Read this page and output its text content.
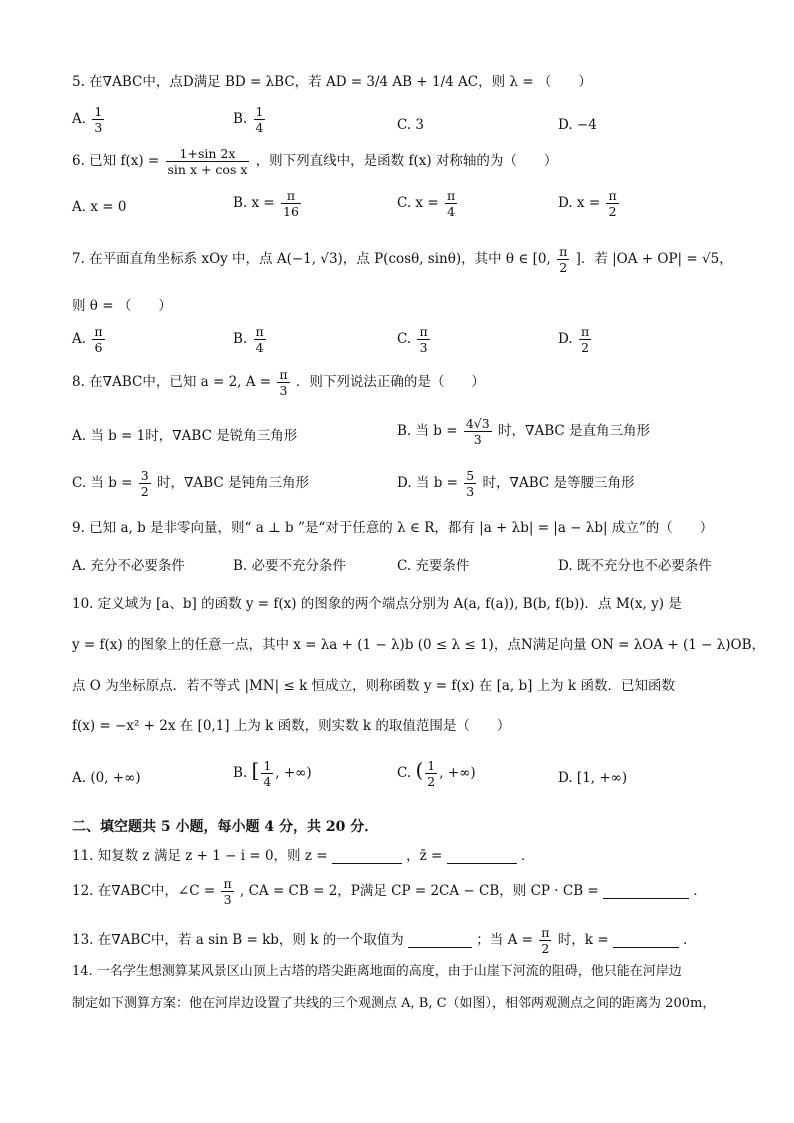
5. 在∇ABC中，点D满足 BD = λBC，若 AD = 3/4 AB + 1/4 AC，则 λ = （　　）
A. $\frac{1}{3}$	B. $\frac{1}{4}$	C. 3	D. −4
6. 已知 $f(x) = \frac{1+\sin 2x}{\text{sin x + cos x}}$ ，则下列直线中，是函数 f(x) 对称轴的为（　　）
A. x = 0	B. $x = \frac{\pi}{16}$	C. $x = \frac{\pi}{4}$	D. $x = \frac{\pi}{2}$
7. 在平面直角坐标系 xOy 中，点 A(−1, √3)，点 P(cosθ, sinθ)，其中 θ ∈ [0, $\frac{\pi}{2}$ ]．若 |OA + OP| = √5，
则 θ = （　　）
A. $\frac{\pi}{6}$	B. $\frac{\pi}{4}$	C. $\frac{\pi}{3}$	D. $\frac{\pi}{2}$
8. 在∇ABC中，已知 a = 2, $A = \frac{\pi}{3}$ ．则下列说法正确的是（　　）
A. 当 b = 1时，∇ABC 是锐角三角形	B. 当 $b = \frac{4√3}{3}$ 时，∇ABC 是直角三角形
C. 当 $b = \frac{3}{2}$ 时，∇ABC 是钝角三角形	D. 当 $b = \frac{5}{3}$ 时，∇ABC 是等腰三角形
9. 已知 a, b 是非零向量，则“ a ⊥ b ”是“对于任意的 λ ∈ R，都有 |a + λb| = |a − λb| 成立”的（　　）
A. 充分不必要条件	B. 必要不充分条件	C. 充要条件	D. 既不充分也不必要条件
10. 定义域为 [a、b] 的函数 y = f(x) 的图象的两个端点分别为 A(a, f(a)), B(b, f(b))．点 M(x, y) 是
y = f(x) 的图象上的任意一点，其中 x = λa + (1 − λ)b (0 ≤ λ ≤ 1)，点N满足向量 ON = λOA + (1 − λ)OB，
点 O 为坐标原点．若不等式 |MN| ≤ k 恒成立，则称函数 y = f(x) 在 [a, b] 上为 k 函数．已知函数
f(x) = −x² + 2x 在 [0,1] 上为 k 函数，则实数 k 的取值范围是（　　）
A. (0, +∞)	B. [ $\frac{1}{4}$ , +∞)	C. ( $\frac{1}{2}$ , +∞)	D. [1, +∞)
二、填空题共 5 小题，每小题 4 分，共 20 分．
11. 知复数 z 满足 z + 1 − i = 0，则 z =	，z̄ =	．
12. 在∇ABC中，∠C = $\frac{\pi}{3}$ , CA = CB = 2，P满足 CP = 2CA − CB，则 CP · CB =	．
13. 在∇ABC中，若 a sin B = kb，则 k 的一个取值为	；当 $A = \frac{\pi}{2}$ 时，k =	．
14. 一名学生想测算某风景区山顶上古塔的塔尖距离地面的高度，由于山崖下河流的阻碍，他只能在河岸边
制定如下测算方案：他在河岸边设置了共线的三个观测点 A, B, C（如图），相邻两观测点之间的距离为 200m，
